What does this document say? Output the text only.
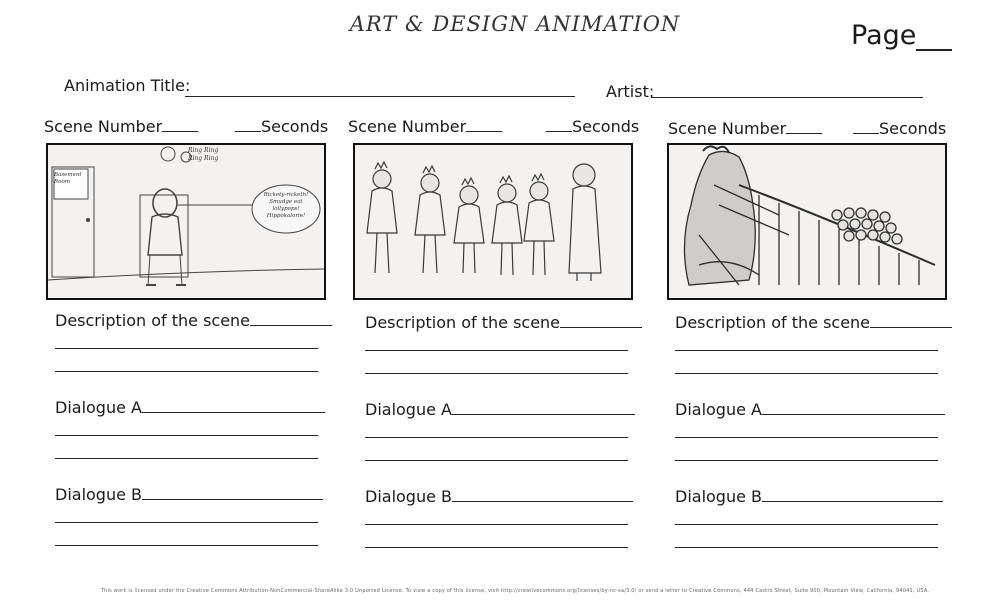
ART & DESIGN ANIMATION	Page
Animation Title:	Artist:
Scene Number	Seconds
Basement Room
Rickety-ricketh! Smudge eat lollypops! Hippokalorie!
Ring Ring Ring Ring
Description of the scene
Dialogue A
Dialogue B
Scene Number	Seconds
Description of the scene
Dialogue A
Dialogue B
Scene Number	Seconds
Description of the scene
Dialogue A
Dialogue B
This work is licensed under the Creative Commons Attribution-NonCommercial-ShareAlike 3.0 Unported License. To view a copy of this license, visit http://creativecommons.org/licenses/by-nc-sa/3.0/ or send a letter to Creative Commons, 444 Castro Street, Suite 900, Mountain View, California, 94041, USA.
